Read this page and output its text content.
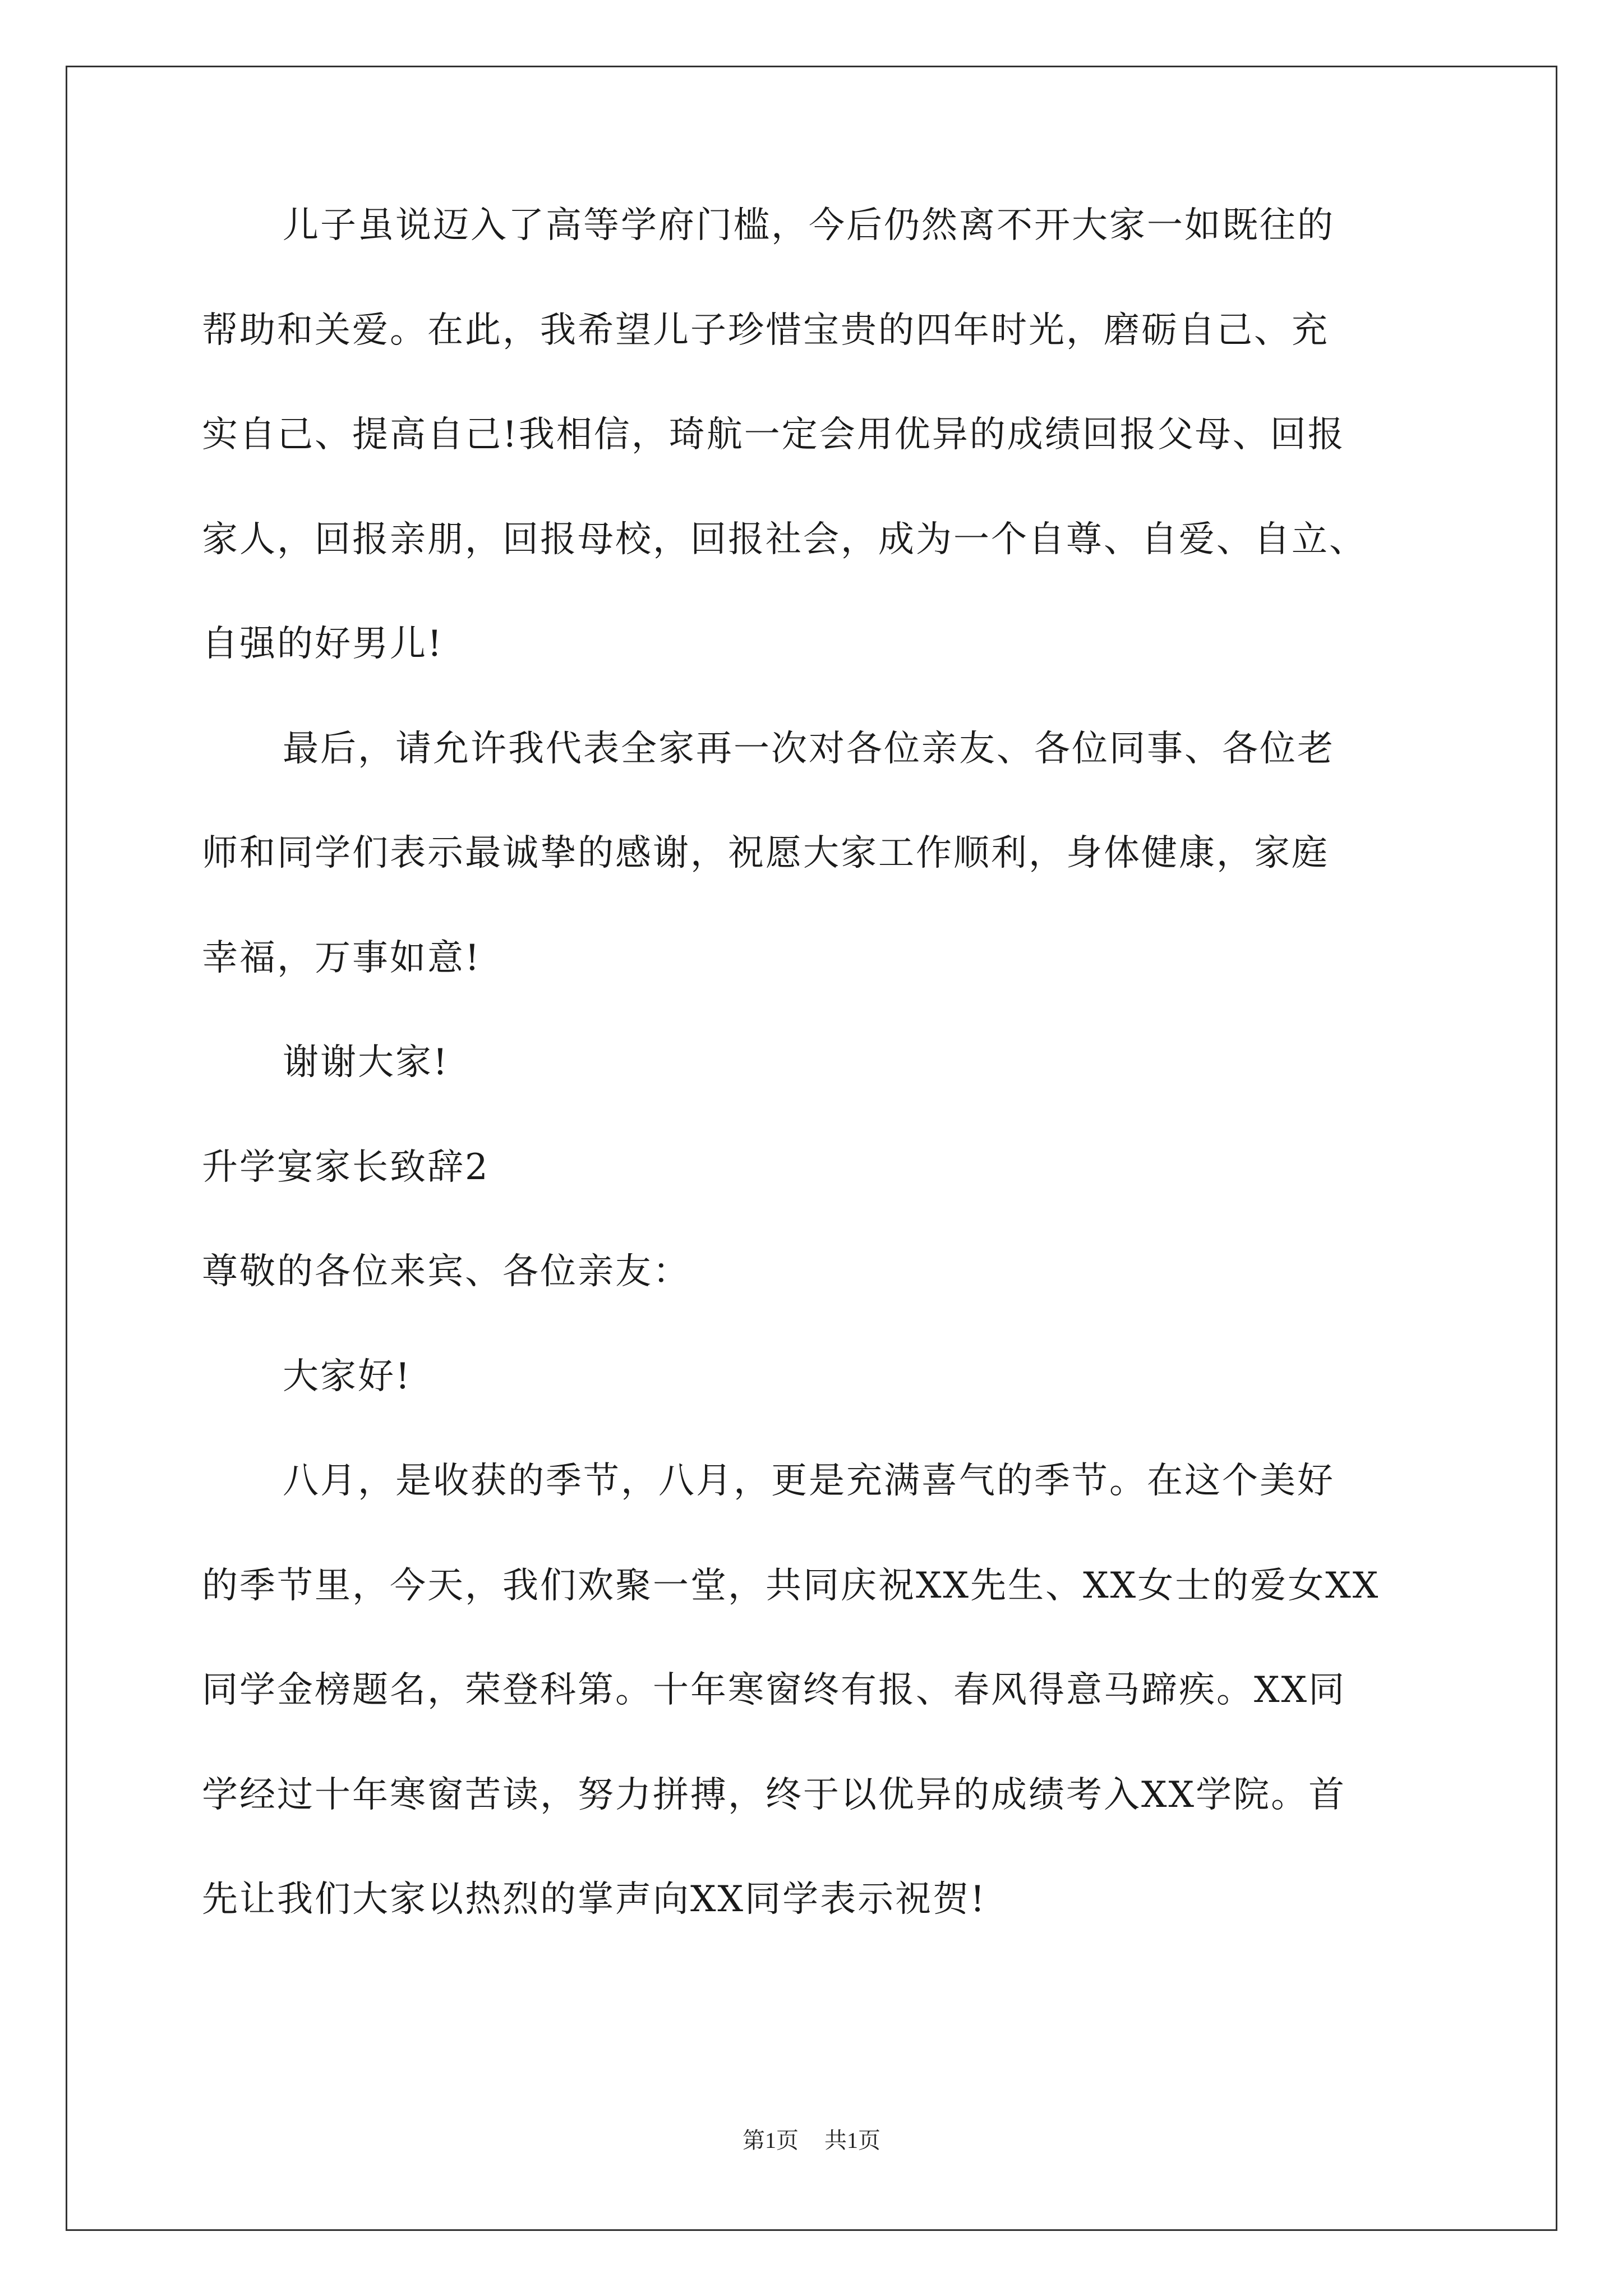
儿子虽说迈入了高等学府门槛，今后仍然离不开大家一如既往的
帮助和关爱。在此，我希望儿子珍惜宝贵的四年时光，磨砺自己、充
实自己、提高自己!我相信，琦航一定会用优异的成绩回报父母、回报
家人，回报亲朋，回报母校，回报社会，成为一个自尊、自爱、自立、
自强的好男儿!
最后，请允许我代表全家再一次对各位亲友、各位同事、各位老
师和同学们表示最诚挚的感谢，祝愿大家工作顺利，身体健康，家庭
幸福，万事如意!
谢谢大家!
升学宴家长致辞2
尊敬的各位来宾、各位亲友：
大家好!
八月，是收获的季节，八月，更是充满喜气的季节。在这个美好
的季节里，今天，我们欢聚一堂，共同庆祝XX先生、XX女士的爱女XX
同学金榜题名，荣登科第。十年寒窗终有报、春风得意马蹄疾。XX同
学经过十年寒窗苦读，努力拼搏，终于以优异的成绩考入XX学院。首
先让我们大家以热烈的掌声向XX同学表示祝贺!
第1页 共1页
